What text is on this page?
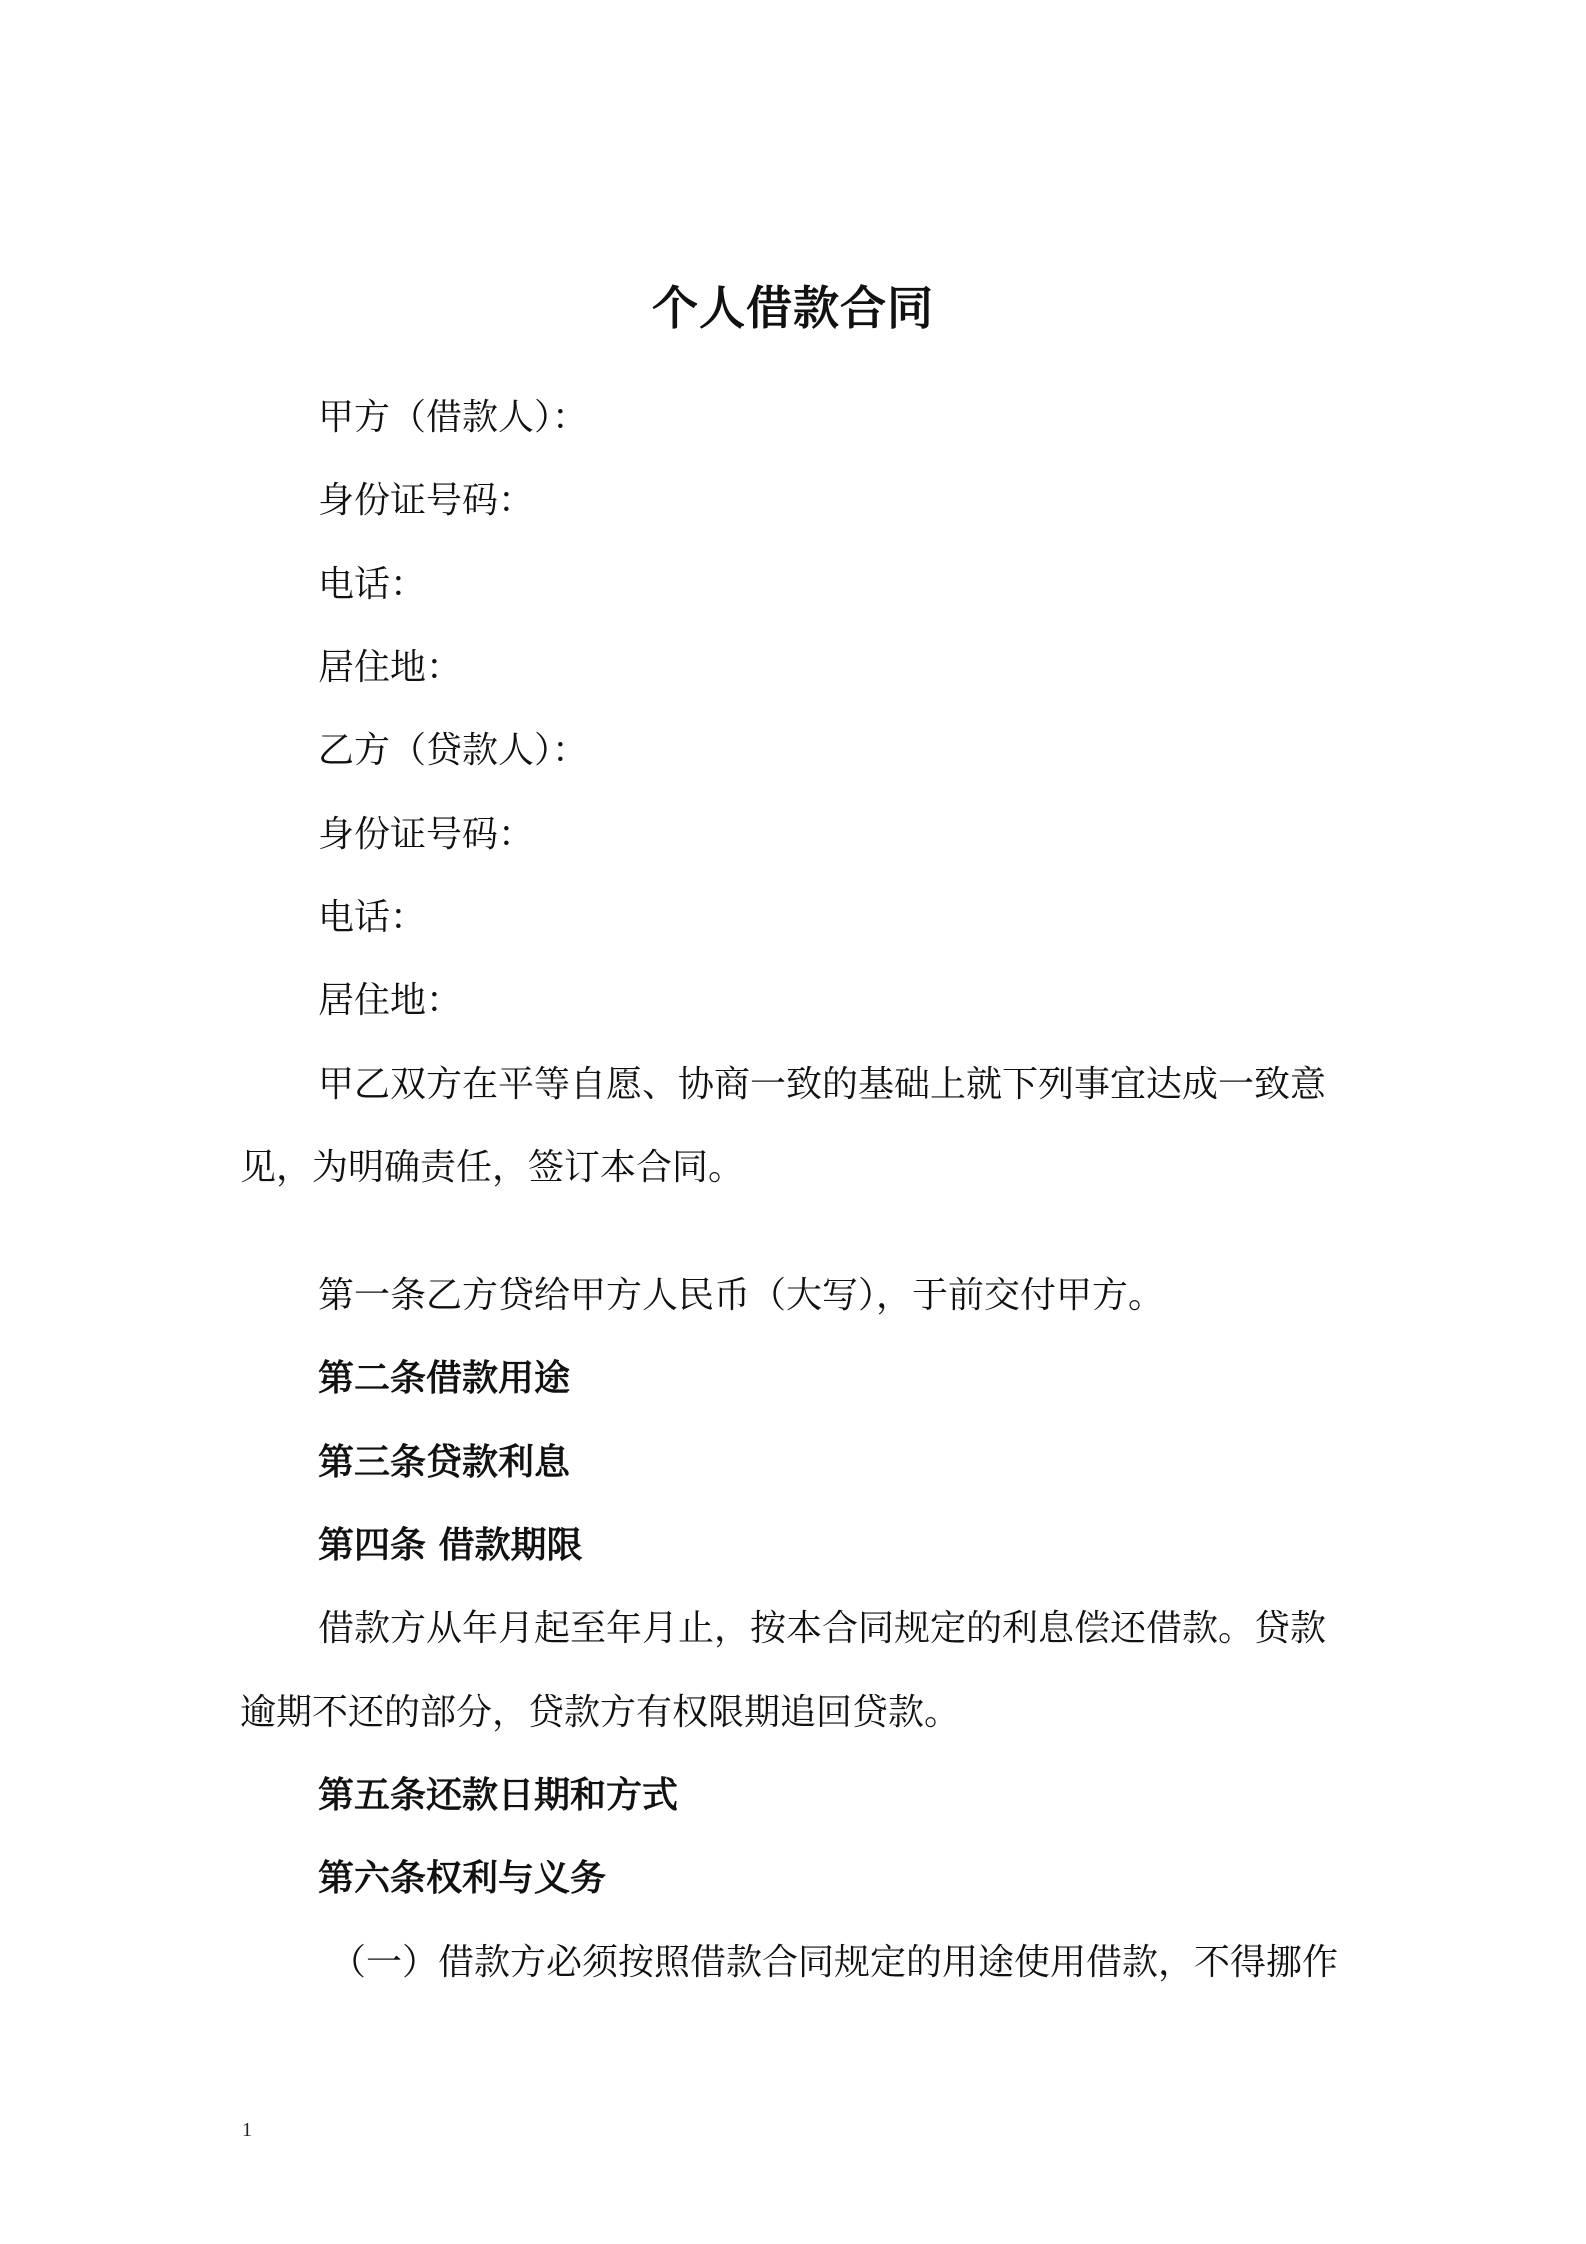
个人借款合同
甲方（借款人）：
身份证号码：
电话：
居住地：
乙方（贷款人）：
身份证号码：
电话：
居住地：
甲乙双方在平等自愿、协商一致的基础上就下列事宜达成一致意
见，为明确责任，签订本合同。
第一条乙方贷给甲方人民币（大写），于前交付甲方。
第二条借款用途
第三条贷款利息
第四条 借款期限
借款方从年月起至年月止，按本合同规定的利息偿还借款。贷款
逾期不还的部分，贷款方有权限期追回贷款。
第五条还款日期和方式
第六条权利与义务
（一）借款方必须按照借款合同规定的用途使用借款，不得挪作
1
